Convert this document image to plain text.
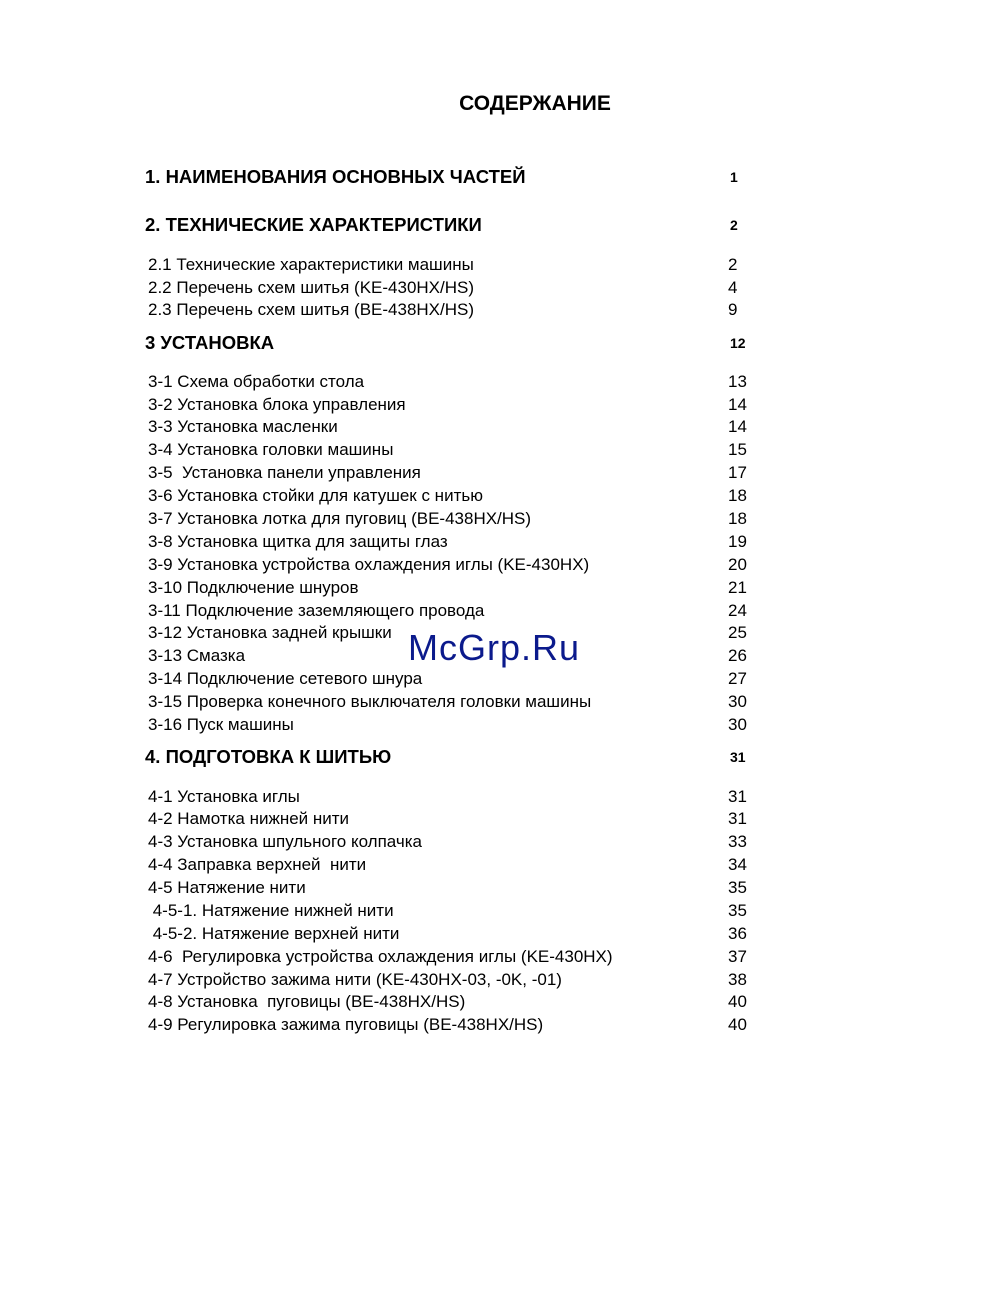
СОДЕРЖАНИЕ
1. НАИМЕНОВАНИЯ ОСНОВНЫХ ЧАСТЕЙ	1
2. ТЕХНИЧЕСКИЕ ХАРАКТЕРИСТИКИ	2
2.1 Технические характеристики машины	2
2.2 Перечень схем шитья (KE-430HX/HS)	4
2.3 Перечень схем шитья (BE-438HX/HS)	9
3 УСТАНОВКА	12
3-1 Схема обработки стола	13
3-2 Установка блока управления	14
3-3 Установка масленки	14
3-4 Установка головки машины	15
3-5  Установка панели управления	17
3-6 Установка стойки для катушек с нитью	18
3-7 Установка лотка для пуговиц (BE-438HX/HS)	18
3-8 Установка щитка для защиты глаз	19
3-9 Установка устройства охлаждения иглы (KE-430HX)	20
3-10 Подключение шнуров	21
3-11 Подключение заземляющего провода	24
3-12 Установка задней крышки	25
3-13 Смазка	26
3-14 Подключение сетевого шнура	27
3-15 Проверка конечного выключателя головки машины	30
3-16 Пуск машины	30
4. ПОДГОТОВКА К ШИТЬЮ	31
4-1 Установка иглы	31
4-2 Намотка нижней нити	31
4-3 Установка шпульного колпачка	33
4-4 Заправка верхней  нити	34
4-5 Натяжение нити	35
4-5-1. Натяжение нижней нити	35
4-5-2. Натяжение верхней нити	36
4-6  Регулировка устройства охлаждения иглы (KE-430HX)	37
4-7 Устройство зажима нити (KE-430HX-03, -0K, -01)	38
4-8 Установка  пуговицы (BE-438HX/HS)	40
4-9 Регулировка зажима пуговицы (BE-438HX/HS)	40
McGrp.Ru
